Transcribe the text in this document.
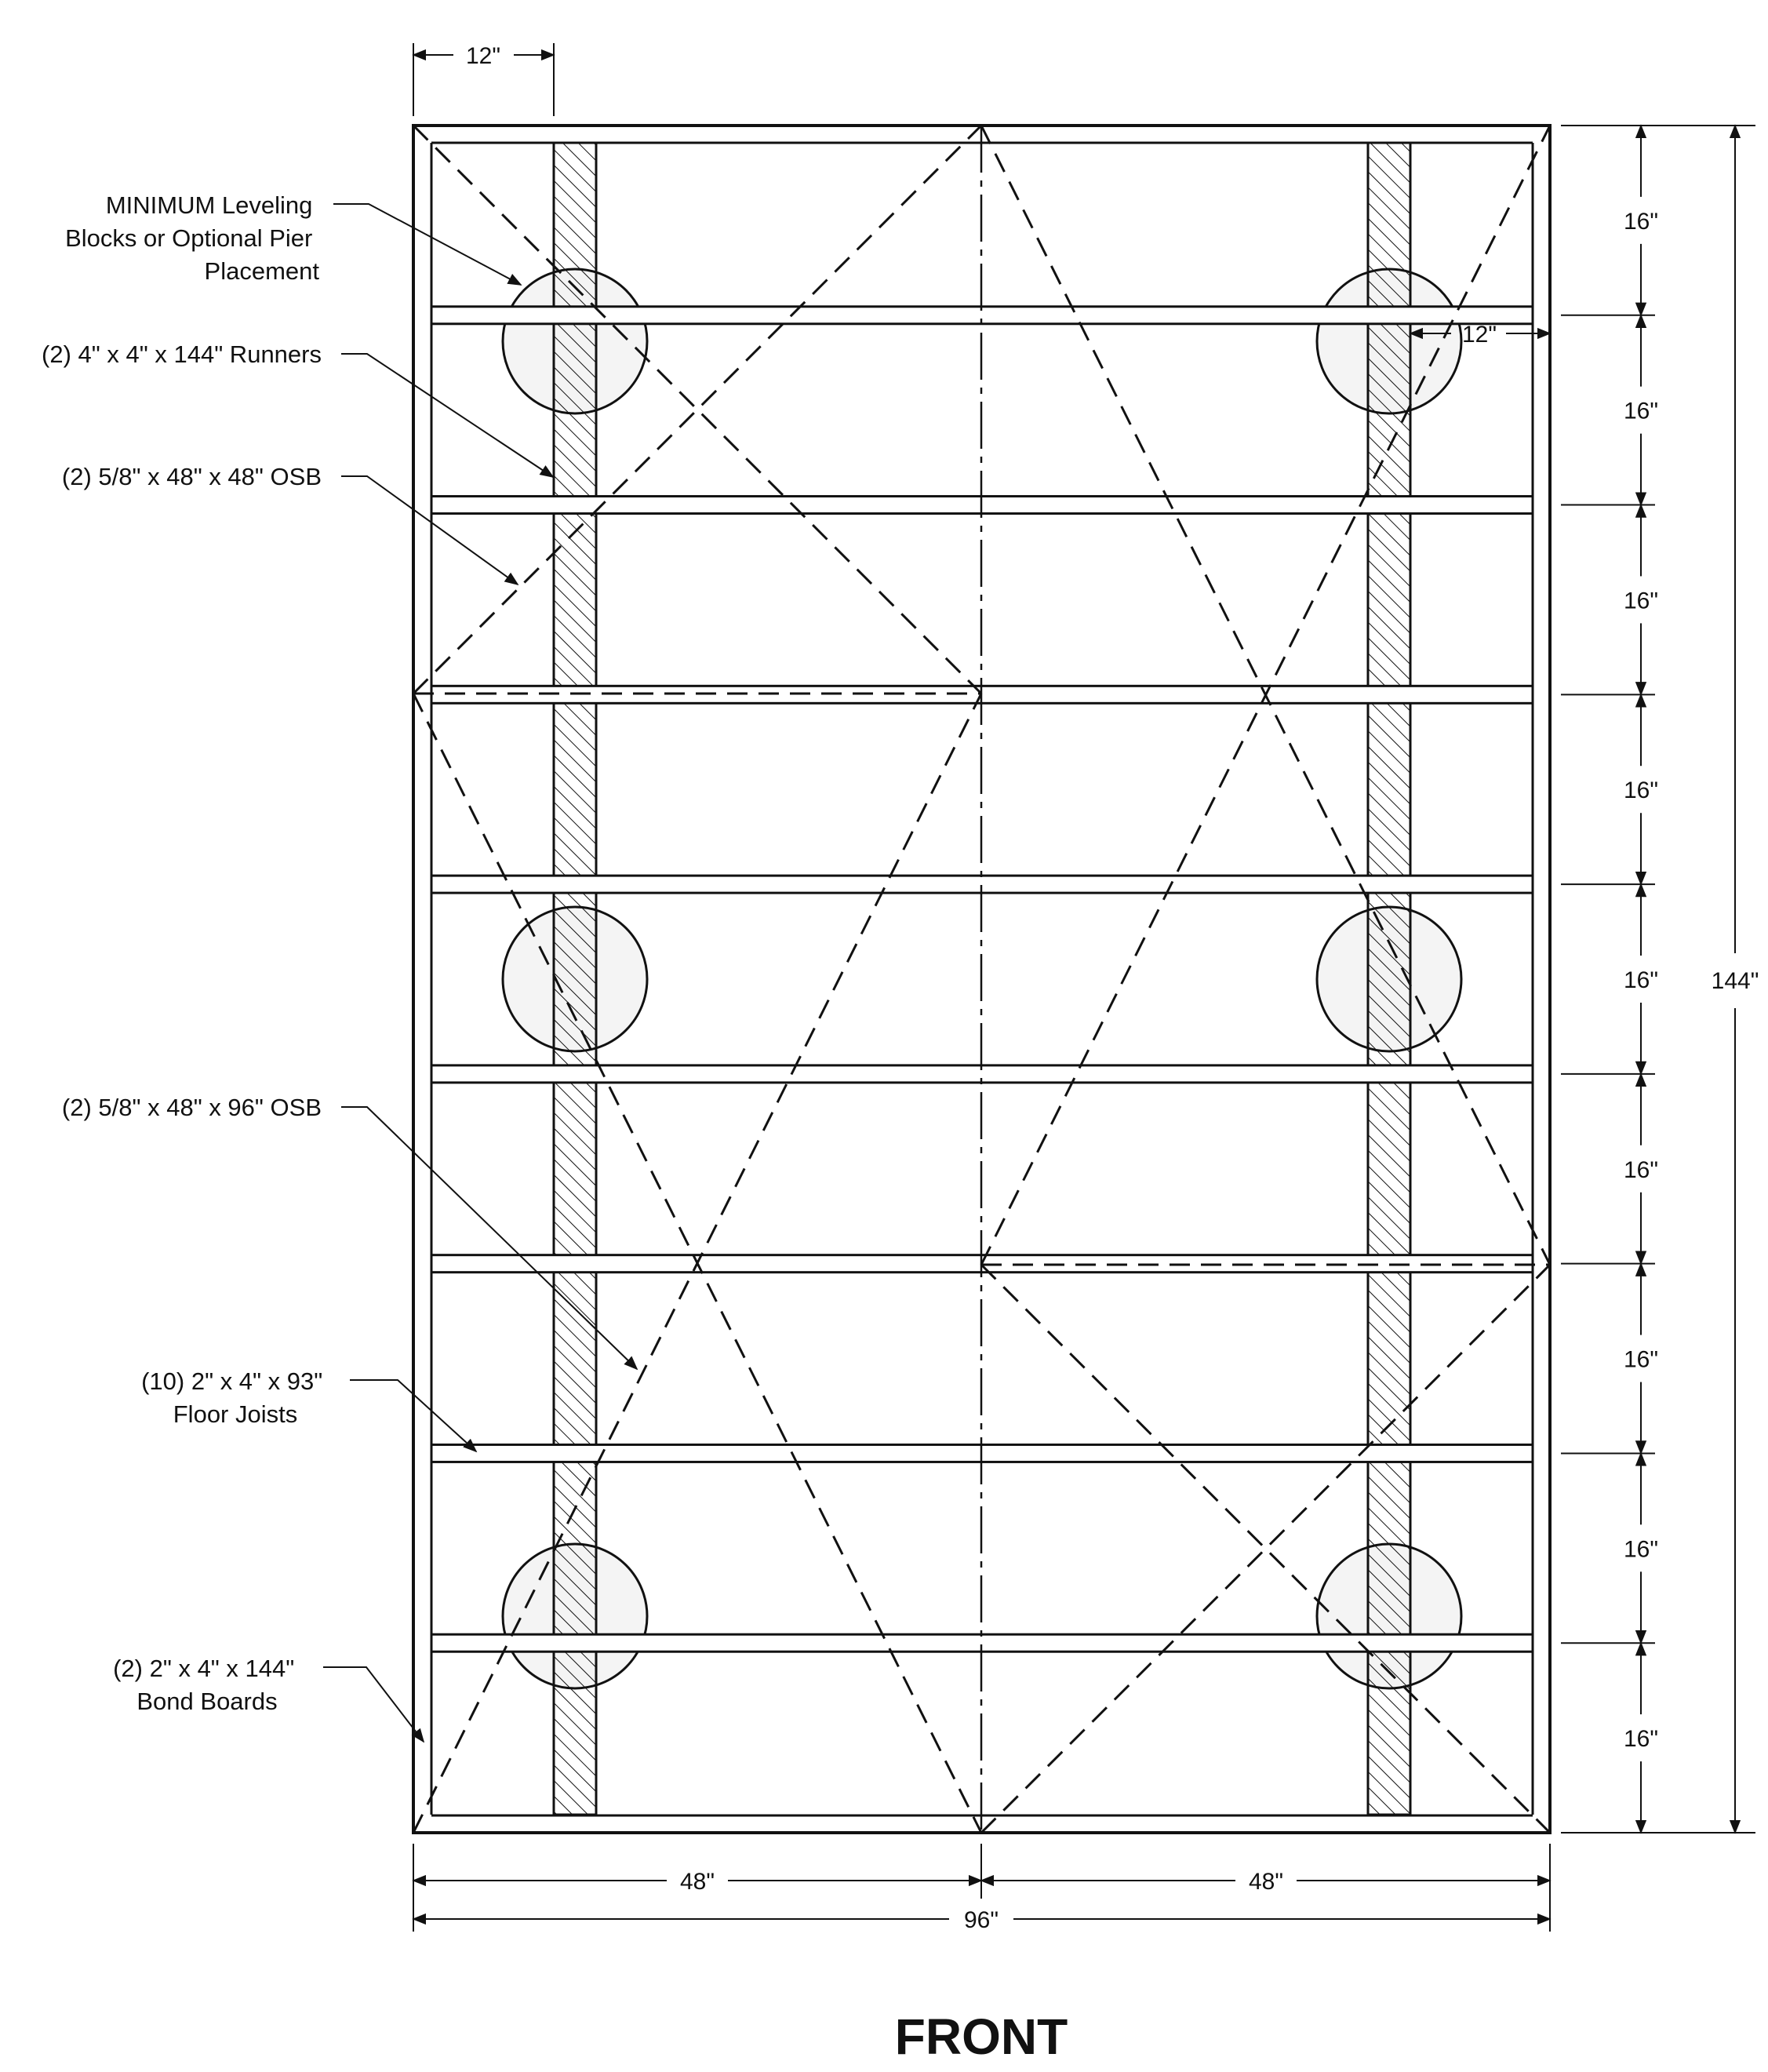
MINIMUM Leveling Blocks or Optional Pier Placement
(2) 4" x 4" x 144" Runners
(2) 5/8" x 48" x 48" OSB
(2) 5/8" x 48" x 96" OSB
(10) 2" x 4" x 93" Floor Joists
(2) 2" x 4" x 144" Bond Boards
12"
12"
16"
16"
16"
16"
16"
16"
16"
16"
16"
144"
48"	48"
96"
FRONT
